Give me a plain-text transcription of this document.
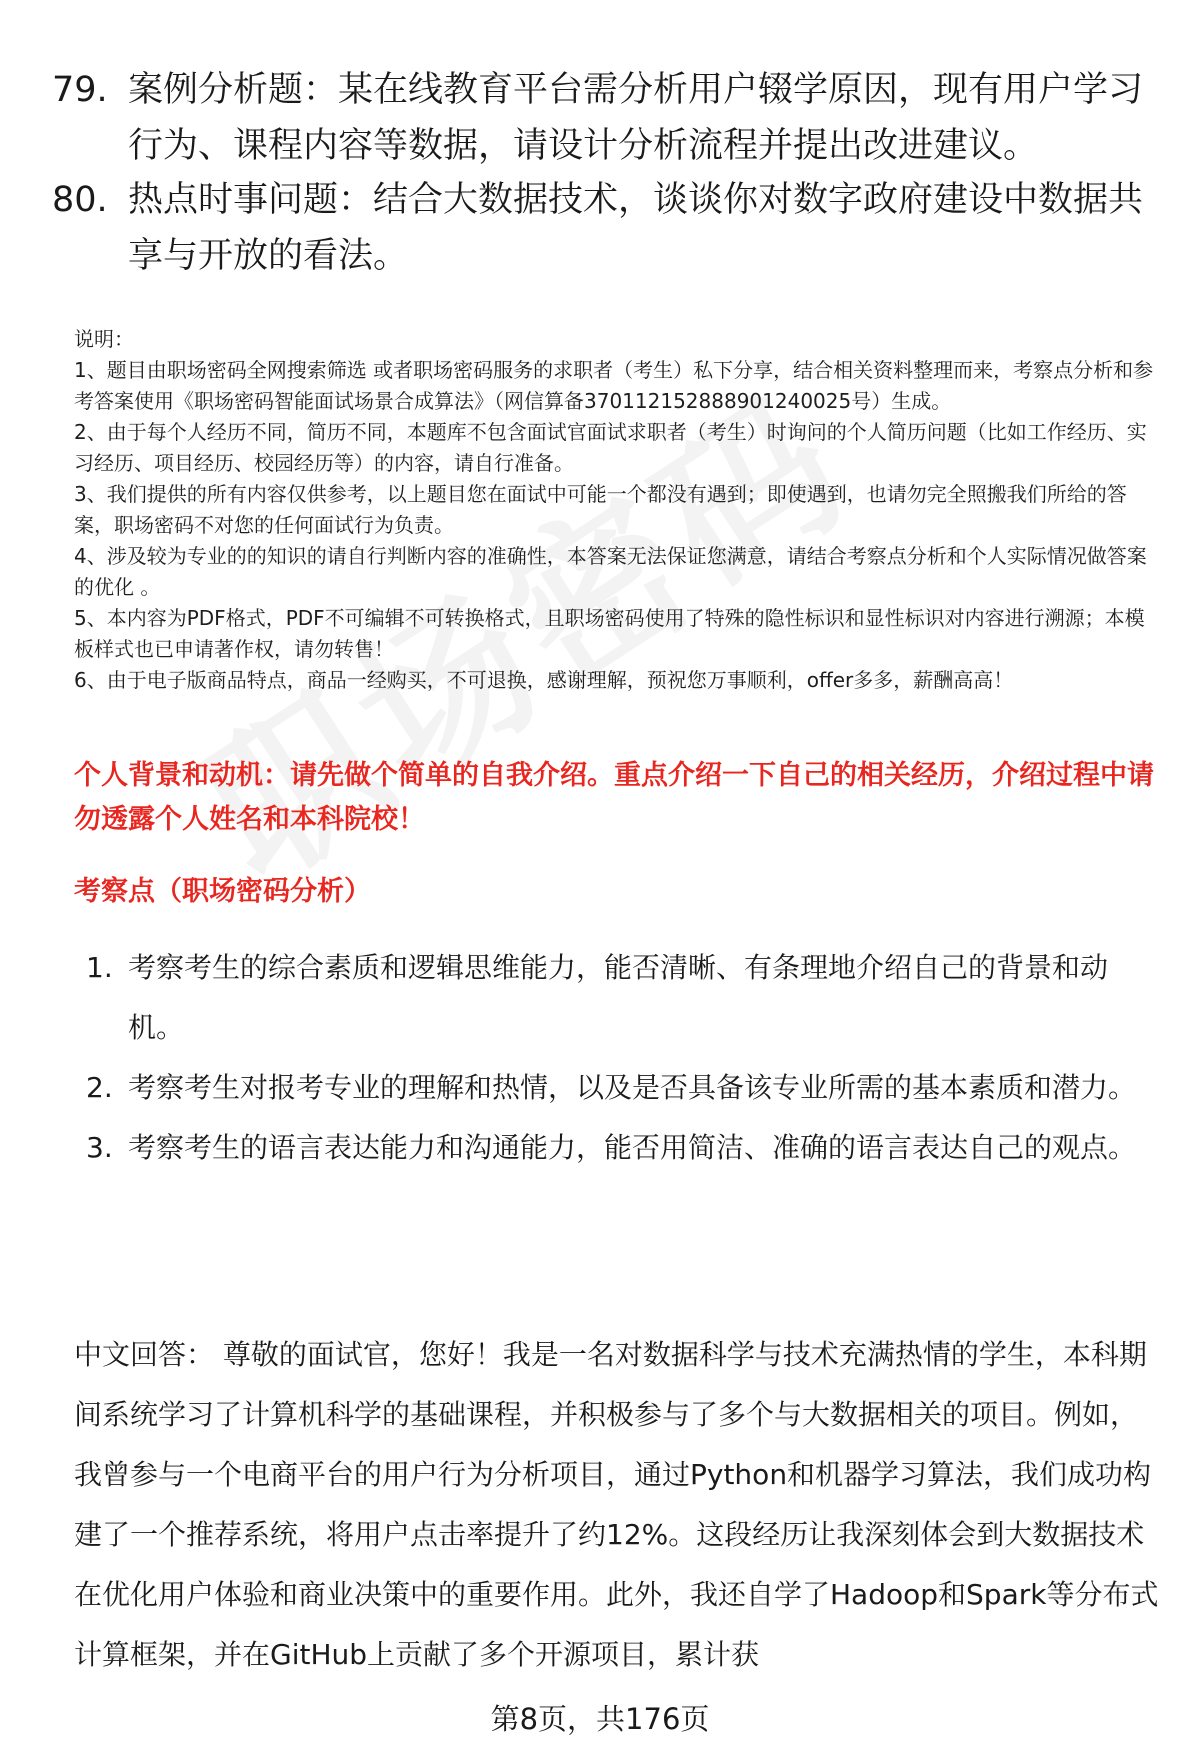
79. 案例分析题：某在线教育平台需分析用户辍学原因，现有用户学习行为、课程内容等数据，请设计分析流程并提出改进建议。
80. 热点时事问题：结合大数据技术，谈谈你对数字政府建设中数据共享与开放的看法。

说明：

1、题目由职场密码全网搜索筛选 或者职场密码服务的求职者（考生）私下分享，结合相关资料整理而来，考察点分析和参考答案使用《职场密码智能面试场景合成算法》（网信算备370112152888901240025号）生成。

2、由于每个人经历不同，简历不同，本题库不包含面试官面试求职者（考生）时询问的个人简历问题（比如工作经历、实习经历、项目经历、校园经历等）的内容，请自行准备。

3、我们提供的所有内容仅供参考，以上题目您在面试中可能一个都没有遇到；即使遇到，也请勿完全照搬我们所给的答案，职场密码不对您的任何面试行为负责。

4、涉及较为专业的的知识的请自行判断内容的准确性，本答案无法保证您满意，请结合考察点分析和个人实际情况做答案的优化 。

5、本内容为PDF格式，PDF不可编辑不可转换格式，且职场密码使用了特殊的隐性标识和显性标识对内容进行溯源；本模板样式也已申请著作权，请勿转售！

6、由于电子版商品特点，商品一经购买，不可退换，感谢理解，预祝您万事顺利，offer多多，薪酬高高！

个人背景和动机：请先做个简单的自我介绍。重点介绍一下自己的相关经历，介绍过程中请勿透露个人姓名和本科院校！
考察点（职场密码分析）
1. 考察考生的综合素质和逻辑思维能力，能否清晰、有条理地介绍自己的背景和动机。
2. 考察考生对报考专业的理解和热情，以及是否具备该专业所需的基本素质和潜力。
3. 考察考生的语言表达能力和沟通能力，能否用简洁、准确的语言表达自己的观点。
中文回答： 尊敬的面试官，您好！我是一名对数据科学与技术充满热情的学生，本科期间系统学习了计算机科学的基础课程，并积极参与了多个与大数据相关的项目。例如，我曾参与一个电商平台的用户行为分析项目，通过Python和机器学习算法，我们成功构建了一个推荐系统，将用户点击率提升了约12%。这段经历让我深刻体会到大数据技术在优化用户体验和商业决策中的重要作用。此外，我还自学了Hadoop和Spark等分布式计算框架，并在GitHub上贡献了多个开源项目，累计获
第8页，共176页
